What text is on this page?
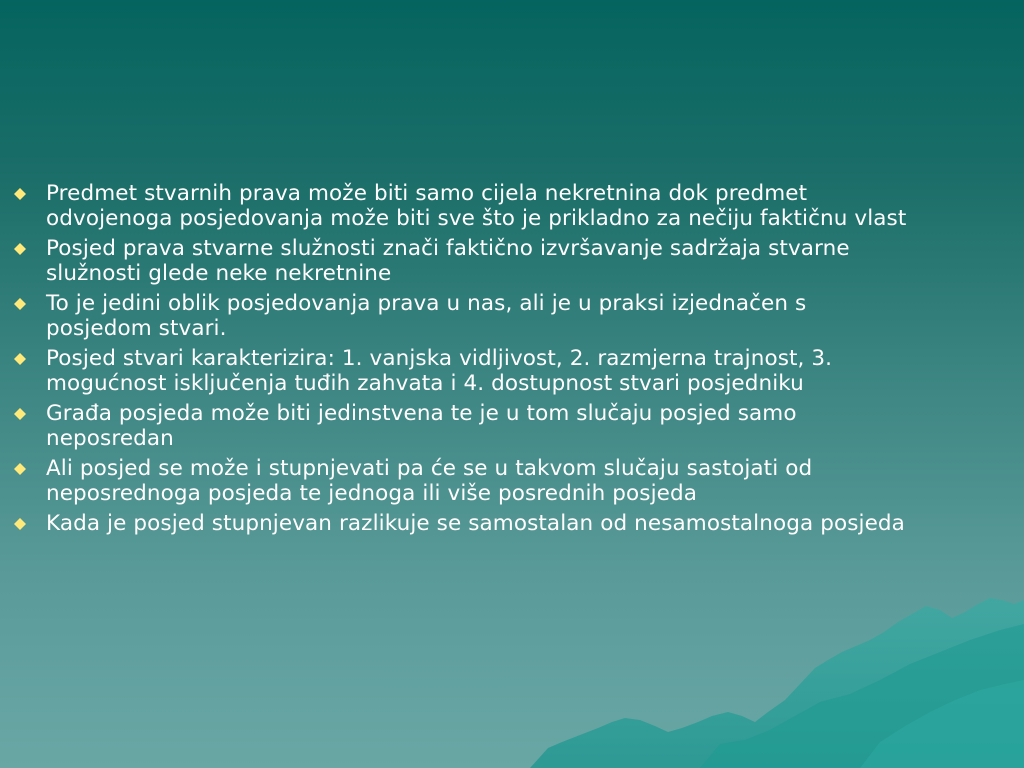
Predmet stvarnih prava može biti samo cijela nekretnina dok predmet odvojenoga posjedovanja može biti sve što je prikladno za nečiju faktičnu vlast
Posjed prava stvarne služnosti znači faktično izvršavanje sadržaja stvarne služnosti glede neke nekretnine
To je jedini oblik posjedovanja prava u nas, ali je u praksi izjednačen s posjedom stvari.
Posjed stvari karakterizira: 1. vanjska vidljivost, 2. razmjerna trajnost, 3. mogućnost isključenja tuđih zahvata i 4. dostupnost stvari posjedniku
Građa posjeda može biti jedinstvena te je u tom slučaju posjed samo neposredan
Ali posjed se može i stupnjevati pa će se u takvom slučaju sastojati od neposrednoga posjeda te jednoga ili više posrednih posjeda
Kada je posjed stupnjevan razlikuje se samostalan od nesamostalnoga posjeda
